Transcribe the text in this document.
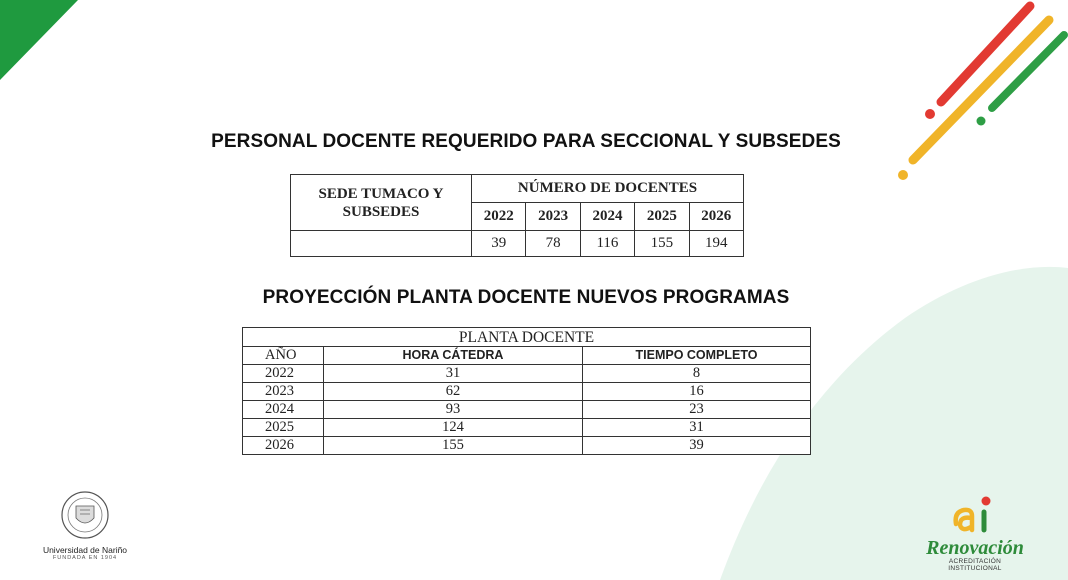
PERSONAL DOCENTE REQUERIDO PARA SECCIONAL Y SUBSEDES
SEDE TUMACO Y SUBSEDES	NÚMERO DE DOCENTES				
	2022	2023	2024	2025	2026
	39	78	116	155	194
PROYECCIÓN PLANTA DOCENTE NUEVOS PROGRAMAS
PLANTA DOCENTE		
AÑO	HORA CÁTEDRA	TIEMPO COMPLETO
2022	31	8
2023	62	16
2024	93	23
2025	124	31
2026	155	39
Universidad de Nariño
FUNDADA EN 1904	Renovación
ACREDITACIÓN INSTITUCIONAL
